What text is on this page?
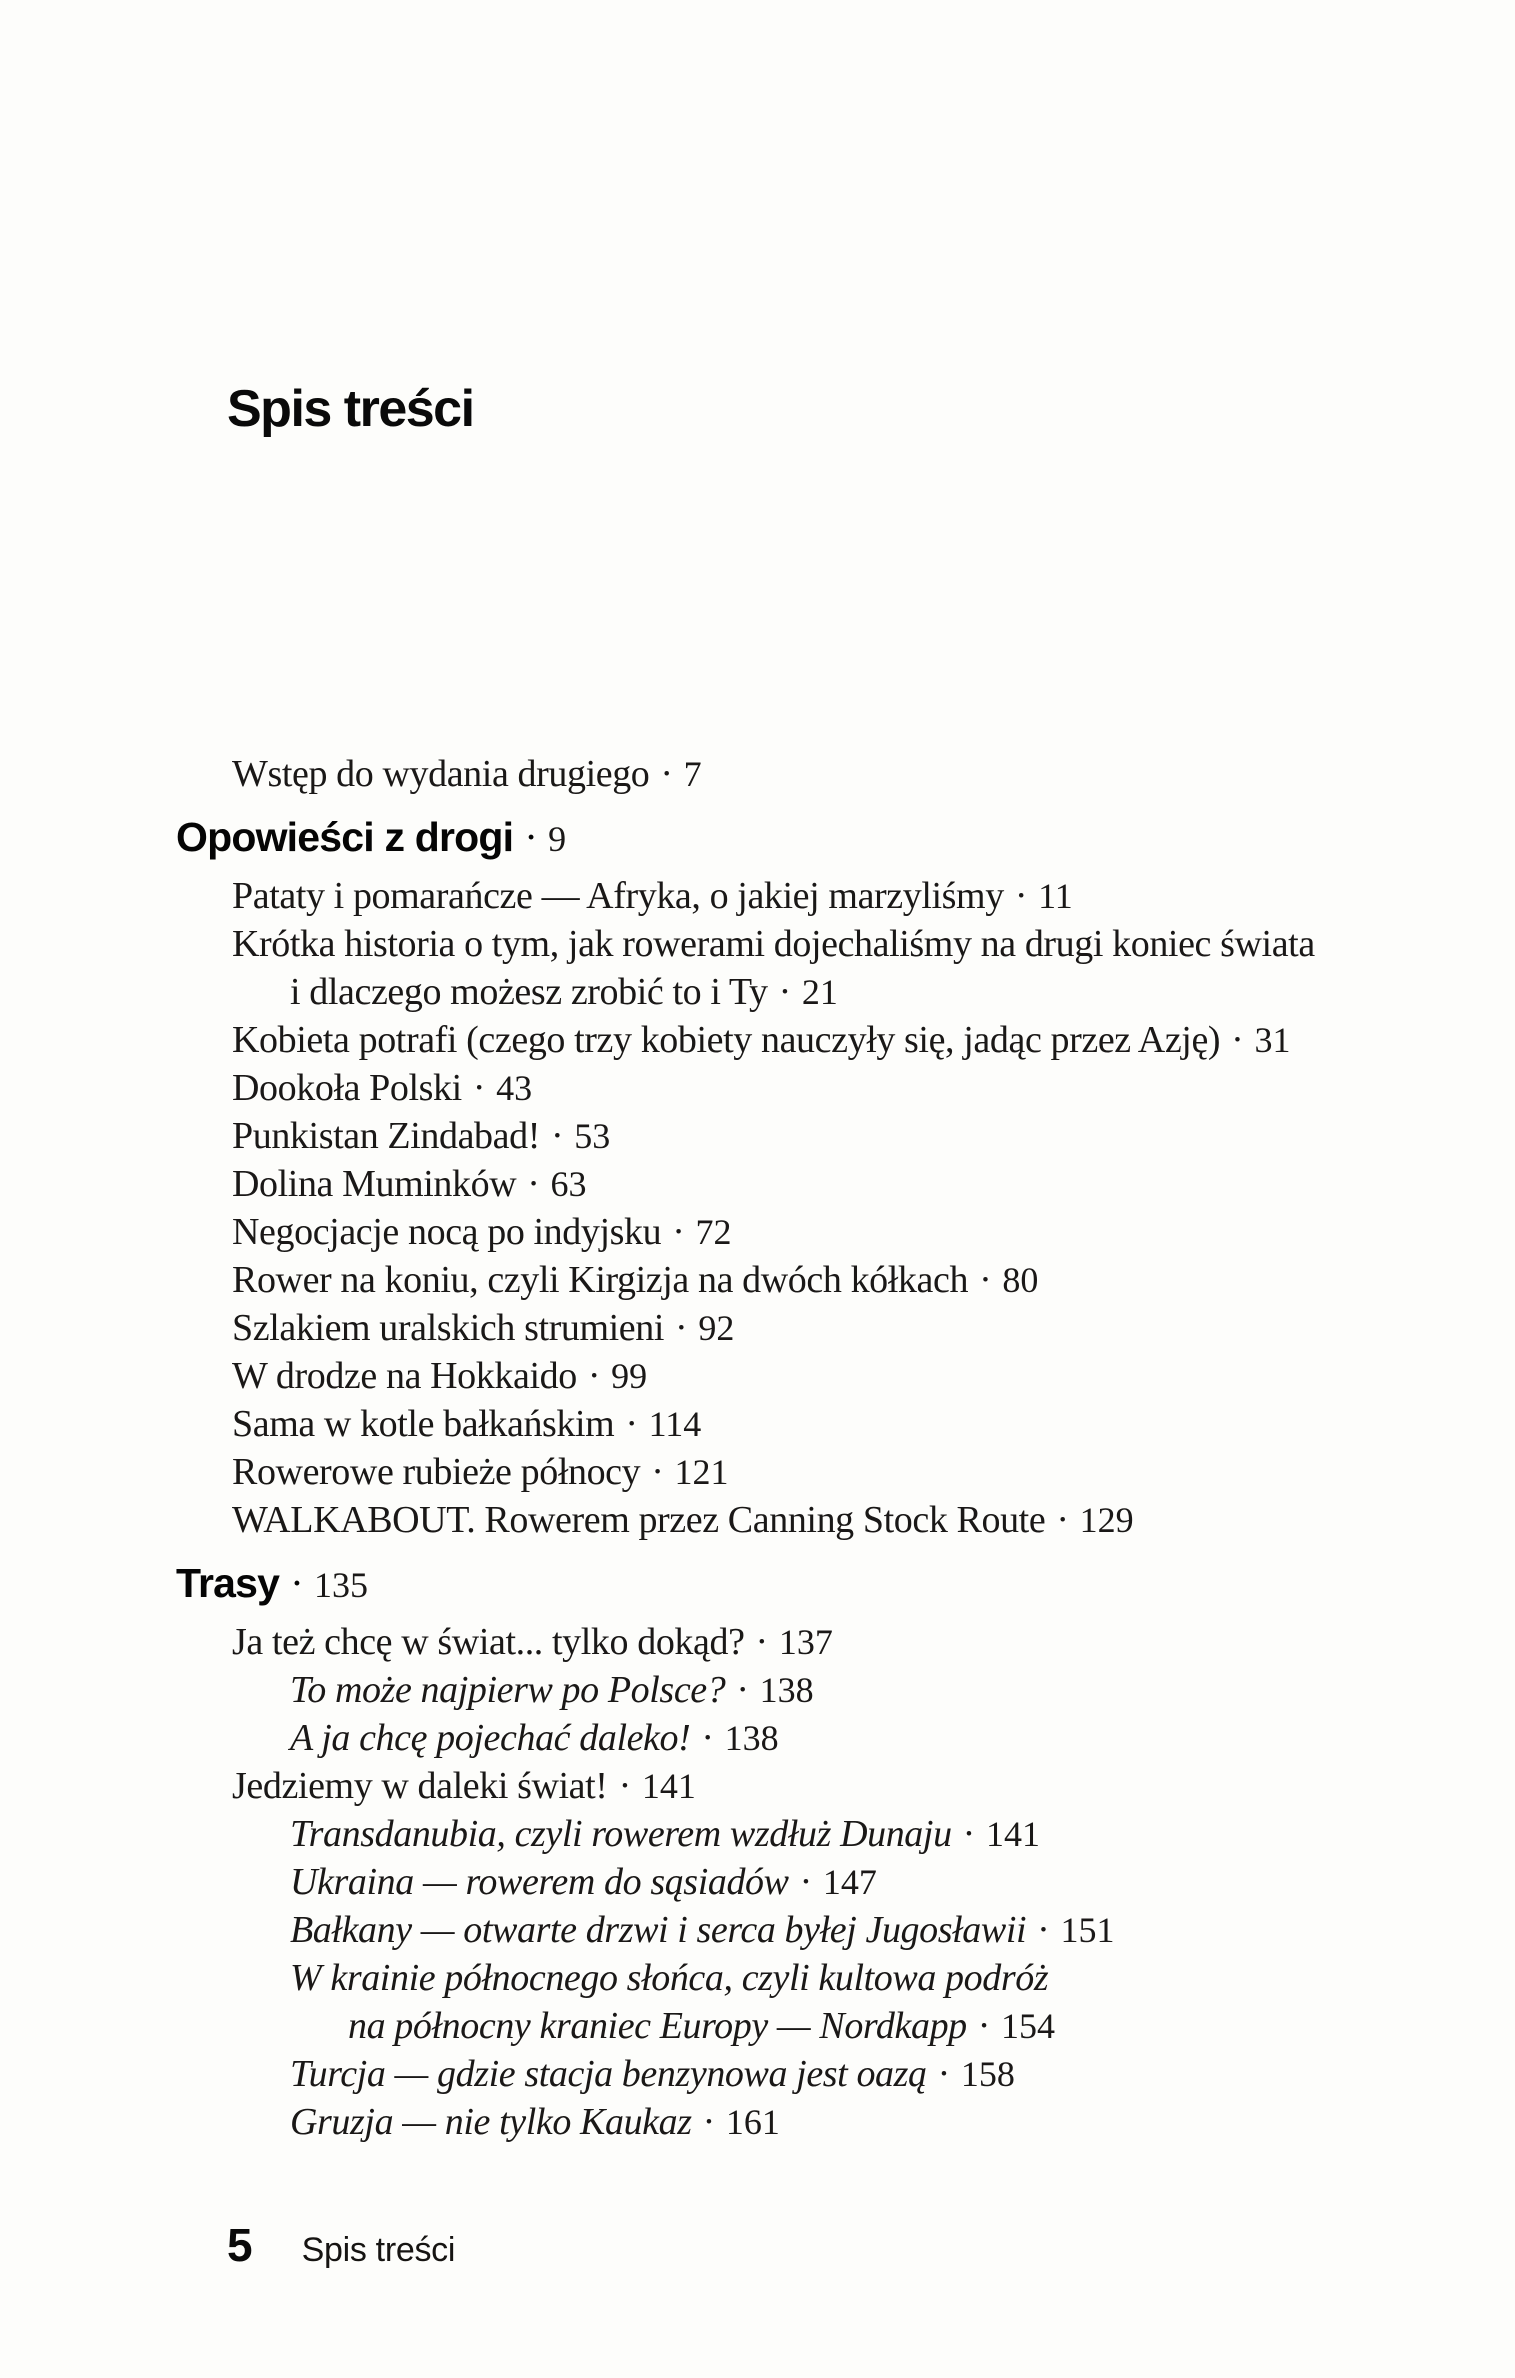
Spis treści
Wstęp do wydania drugiego · 7
Opowieści z drogi · 9
Pataty i pomarańcze — Afryka, o jakiej marzyliśmy · 11
Krótka historia o tym, jak rowerami dojechaliśmy na drugi koniec świata
i dlaczego możesz zrobić to i Ty · 21
Kobieta potrafi (czego trzy kobiety nauczyły się, jadąc przez Azję) · 31
Dookoła Polski · 43
Punkistan Zindabad! · 53
Dolina Muminków · 63
Negocjacje nocą po indyjsku · 72
Rower na koniu, czyli Kirgizja na dwóch kółkach · 80
Szlakiem uralskich strumieni · 92
W drodze na Hokkaido · 99
Sama w kotle bałkańskim · 114
Rowerowe rubieże północy · 121
WALKABOUT. Rowerem przez Canning Stock Route · 129
Trasy · 135
Ja też chcę w świat... tylko dokąd? · 137
To może najpierw po Polsce? · 138
A ja chcę pojechać daleko! · 138
Jedziemy w daleki świat! · 141
Transdanubia, czyli rowerem wzdłuż Dunaju · 141
Ukraina — rowerem do sąsiadów · 147
Bałkany — otwarte drzwi i serca byłej Jugosławii · 151
W krainie północnego słońca, czyli kultowa podróż
na północny kraniec Europy — Nordkapp · 154
Turcja — gdzie stacja benzynowa jest oazą · 158
Gruzja — nie tylko Kaukaz · 161
5 Spis treści
